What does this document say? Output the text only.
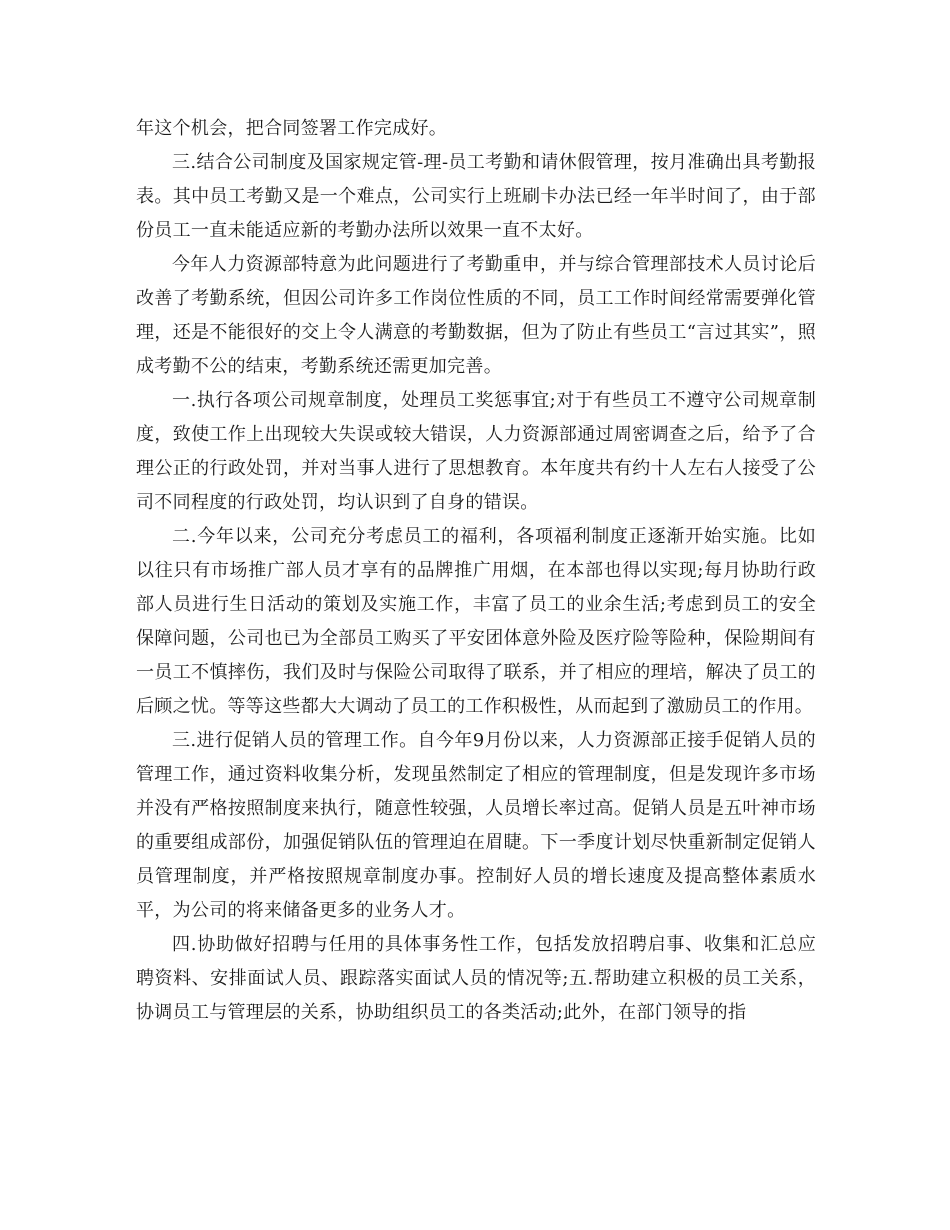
年这个机会，把合同签署工作完成好。

三.结合公司制度及国家规定管-理-员工考勤和请休假管理，按月准确出具考勤报表。其中员工考勤又是一个难点，公司实行上班刷卡办法已经一年半时间了，由于部份员工一直未能适应新的考勤办法所以效果一直不太好。

今年人力资源部特意为此问题进行了考勤重申，并与综合管理部技术人员讨论后改善了考勤系统，但因公司许多工作岗位性质的不同，员工工作时间经常需要弹化管理，还是不能很好的交上令人满意的考勤数据，但为了防止有些员工“言过其实”，照成考勤不公的结束，考勤系统还需更加完善。

一.执行各项公司规章制度，处理员工奖惩事宜;对于有些员工不遵守公司规章制度，致使工作上出现较大失误或较大错误，人力资源部通过周密调查之后，给予了合理公正的行政处罚，并对当事人进行了思想教育。本年度共有约十人左右人接受了公司不同程度的行政处罚，均认识到了自身的错误。

二.今年以来，公司充分考虑员工的福利，各项福利制度正逐渐开始实施。比如以往只有市场推广部人员才享有的品牌推广用烟，在本部也得以实现;每月协助行政部人员进行生日活动的策划及实施工作，丰富了员工的业余生活;考虑到员工的安全保障问题，公司也已为全部员工购买了平安团体意外险及医疗险等险种，保险期间有一员工不慎摔伤，我们及时与保险公司取得了联系，并了相应的理培，解决了员工的后顾之忧。等等这些都大大调动了员工的工作积极性，从而起到了激励员工的作用。

三.进行促销人员的管理工作。自今年9月份以来，人力资源部正接手促销人员的管理工作，通过资料收集分析，发现虽然制定了相应的管理制度，但是发现许多市场并没有严格按照制度来执行，随意性较强，人员增长率过高。促销人员是五叶神市场的重要组成部份，加强促销队伍的管理迫在眉睫。下一季度计划尽快重新制定促销人员管理制度，并严格按照规章制度办事。控制好人员的增长速度及提高整体素质水平，为公司的将来储备更多的业务人才。

四.协助做好招聘与任用的具体事务性工作，包括发放招聘启事、收集和汇总应聘资料、安排面试人员、跟踪落实面试人员的情况等;五.帮助建立积极的员工关系，协调员工与管理层的关系，协助组织员工的各类活动;此外，在部门领导的指
